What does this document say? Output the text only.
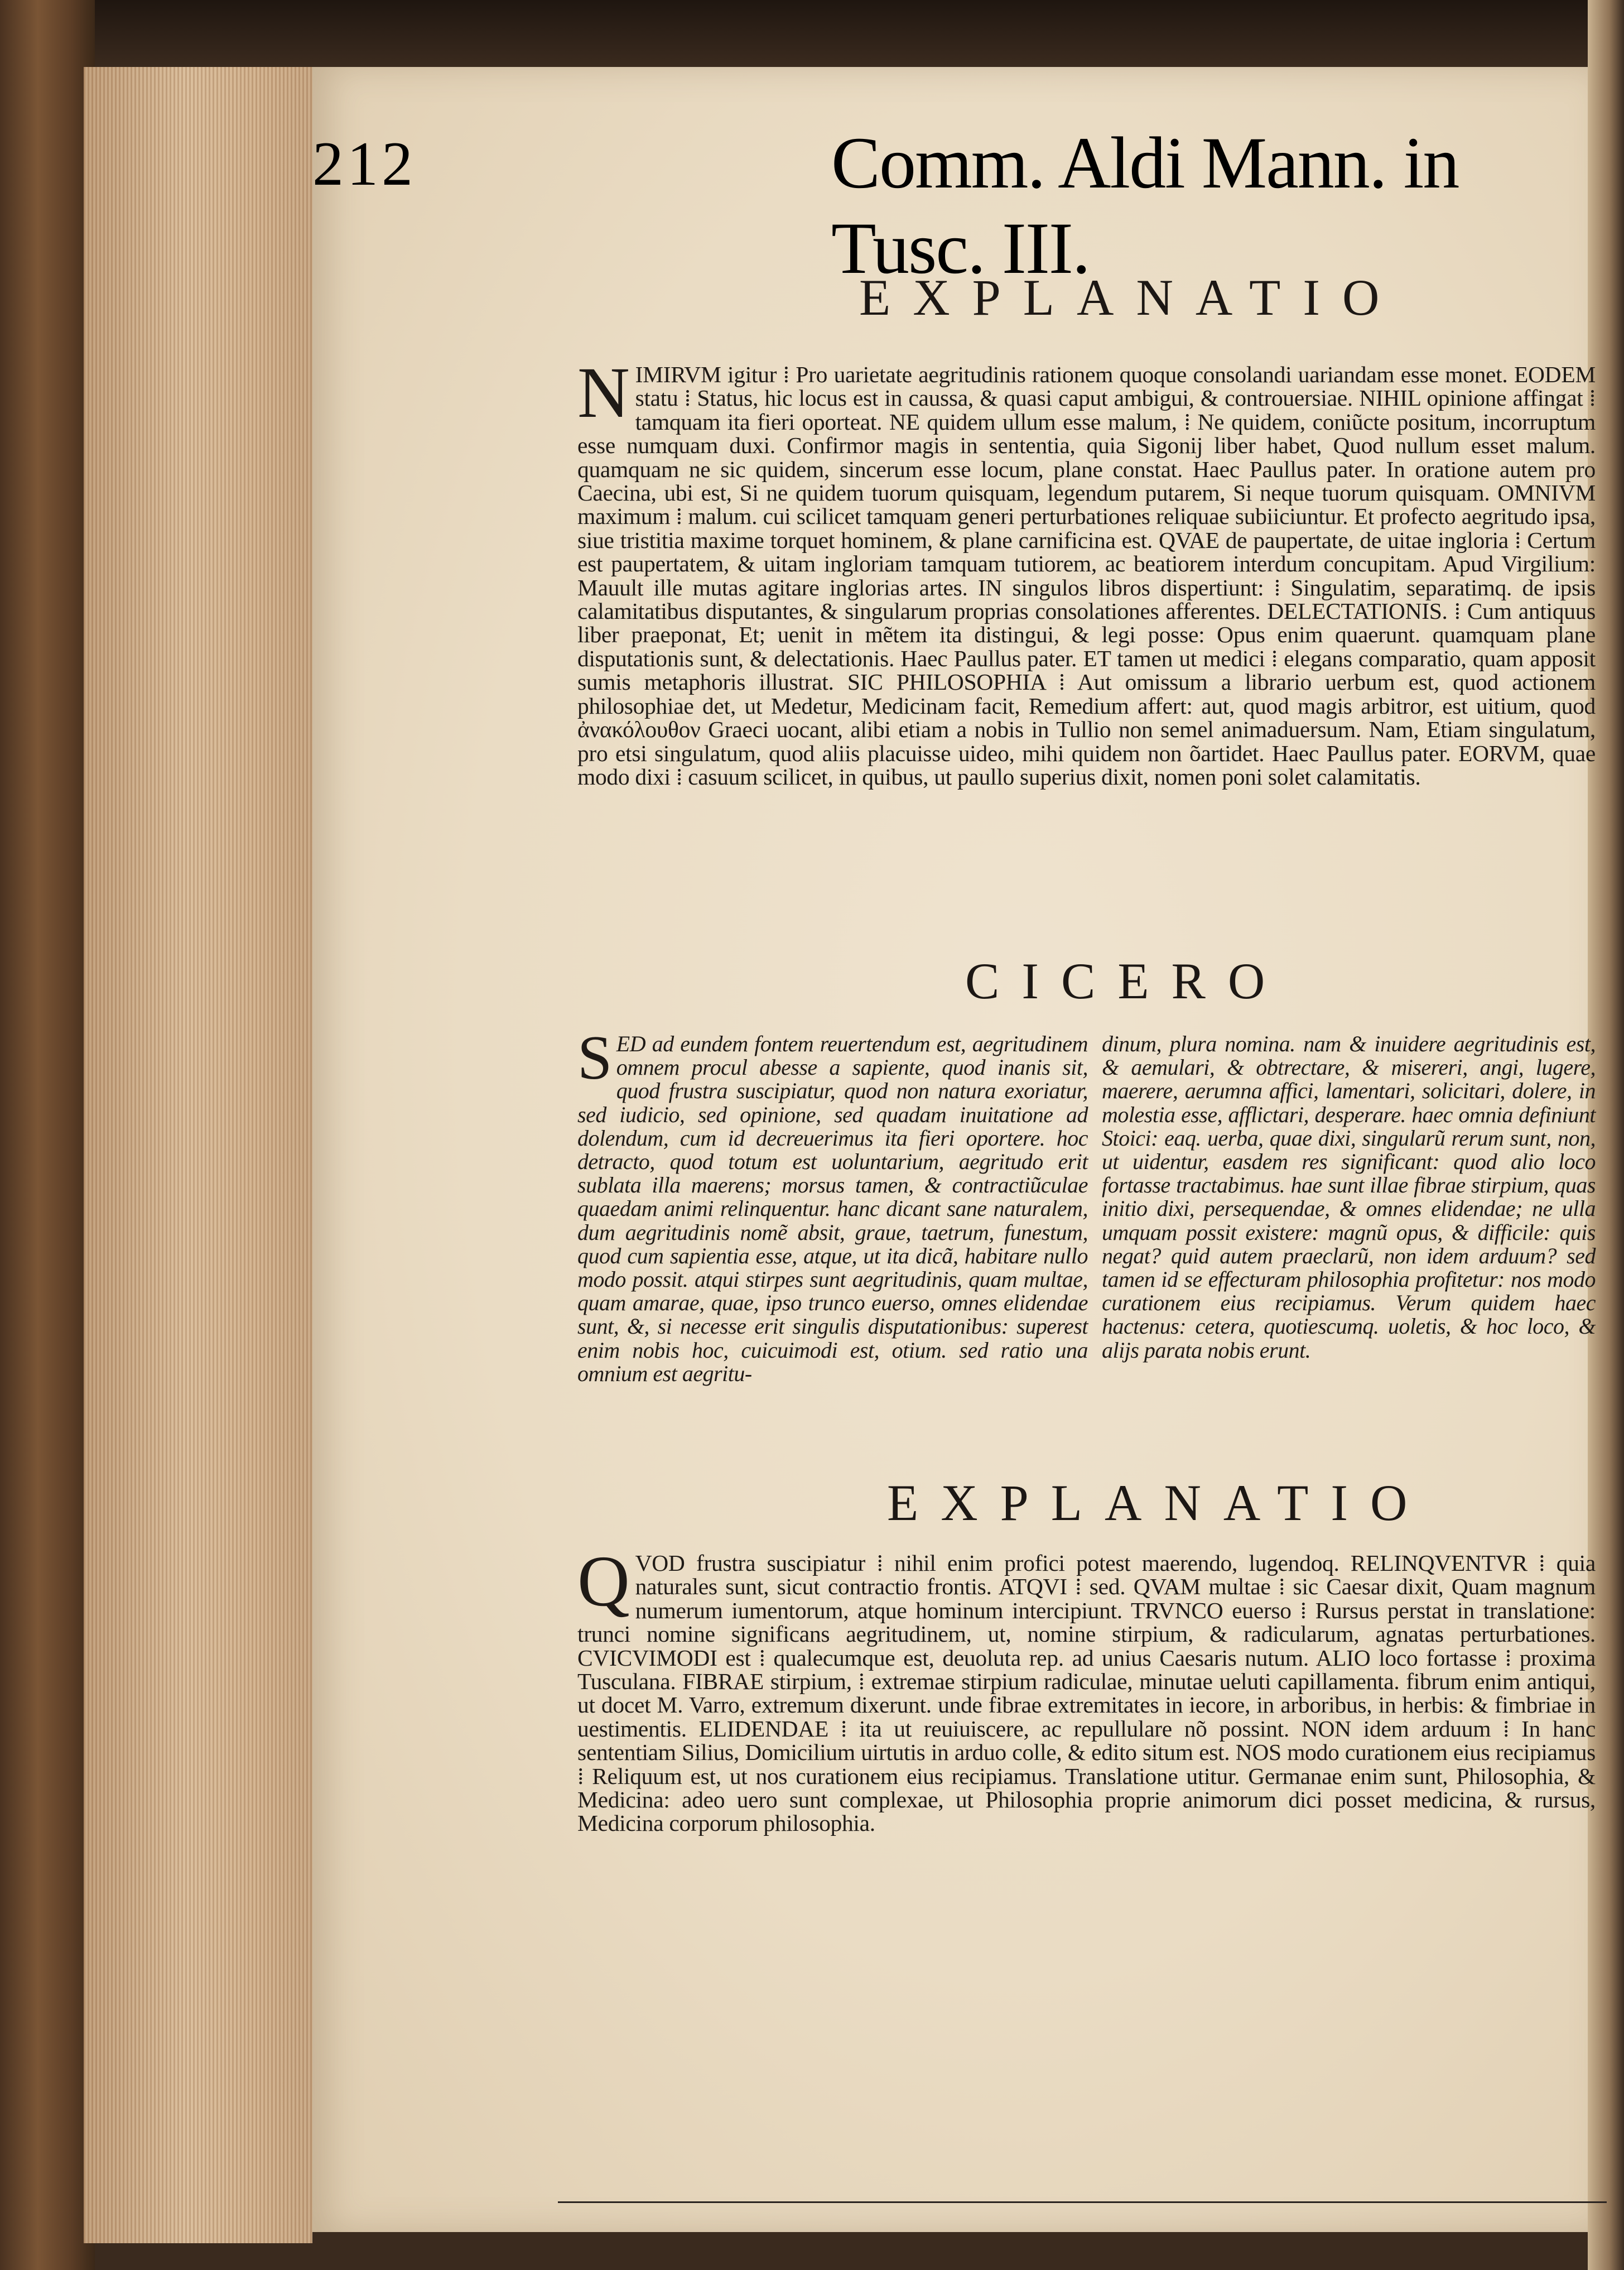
212	Comm. Aldi Mann. in Tusc. III.
EXPLANATIO
NIMIRVM igitur ⁞ Pro uarietate aegritudinis rationem quoque consolandi uariandam esse monet. EODEM statu ⁞ Status, hic locus est in caussa, & quasi caput ambigui, & controuersiae. NIHIL opinione affingat ⁞ tamquam ita fieri oporteat. NE quidem ullum esse malum, ⁞ Ne quidem, coniũcte positum, incorruptum esse numquam duxi. Confirmor magis in sententia, quia Sigonij liber habet, Quod nullum esset malum. quamquam ne sic quidem, sincerum esse locum, plane constat. Haec Paullus pater. In oratione autem pro Caecina, ubi est, Si ne quidem tuorum quisquam, legendum putarem, Si neque tuorum quisquam. OMNIVM maximum ⁞ malum. cui scilicet tamquam generi perturbationes reliquae subiiciuntur. Et profecto aegritudo ipsa, siue tristitia maxime torquet hominem, & plane carnificina est. QVAE de paupertate, de uitae ingloria ⁞ Certum est paupertatem, & uitam ingloriam tamquam tutiorem, ac beatiorem interdum concupitam. Apud Virgilium: Mauult ille mutas agitare inglorias artes. IN singulos libros dispertiunt: ⁞ Singulatim, separatimq. de ipsis calamitatibus disputantes, & singularum proprias consolationes afferentes. DELECTATIONIS. ⁞ Cum antiquus liber praeponat, Et; uenit in mẽtem ita distingui, & legi posse: Opus enim quaerunt. quamquam plane disputationis sunt, & delectationis. Haec Paullus pater. ET tamen ut medici ⁞ elegans comparatio, quam apposit sumis metaphoris illustrat. SIC PHILOSOPHIA ⁞ Aut omissum a librario uerbum est, quod actionem philosophiae det, ut Medetur, Medicinam facit, Remedium affert: aut, quod magis arbitror, est uitium, quod ἀνακόλουθον Graeci uocant, alibi etiam a nobis in Tullio non semel animaduersum. Nam, Etiam singulatum, pro etsi singulatum, quod aliis placuisse uideo, mihi quidem non õartidet. Haec Paullus pater. EORVM, quae modo dixi ⁞ casuum scilicet, in quibus, ut paullo superius dixit, nomen poni solet calamitatis.
CICERO
SED ad eundem fontem reuertendum est, aegritudinem omnem procul abesse a sapiente, quod inanis sit, quod frustra suscipiatur, quod non natura exoriatur, sed iudicio, sed opinione, sed quadam inuitatione ad dolendum, cum id decreuerimus ita fieri oportere. hoc detracto, quod totum est uoluntarium, aegritudo erit sublata illa maerens; morsus tamen, & contractiũculae quaedam animi relinquentur. hanc dicant sane naturalem, dum aegritudinis nomẽ absit, graue, taetrum, funestum, quod cum sapientia esse, atque, ut ita dicã, habitare nullo modo possit. atqui stirpes sunt aegritudinis, quam multae, quam amarae, quae, ipso trunco euerso, omnes elidendae sunt, &, si necesse erit singulis disputationibus: superest enim nobis hoc, cuicuimodi est, otium. sed ratio una omnium est aegritu-
dinum, plura nomina. nam & inuidere aegritudinis est, & aemulari, & obtrectare, & misereri, angi, lugere, maerere, aerumna affici, lamentari, solicitari, dolere, in molestia esse, afflictari, desperare. haec omnia definiunt Stoici: eaq. uerba, quae dixi, singularũ rerum sunt, non, ut uidentur, easdem res significant: quod alio loco fortasse tractabimus. hae sunt illae fibrae stirpium, quas initio dixi, persequendae, & omnes elidendae; ne ulla umquam possit existere: magnũ opus, & difficile: quis negat? quid autem praeclarũ, non idem arduum? sed tamen id se effecturam philosophia profitetur: nos modo curationem eius recipiamus. Verum quidem haec hactenus: cetera, quotiescumq. uoletis, & hoc loco, & alijs parata nobis erunt.
EXPLANATIO
QVOD frustra suscipiatur ⁞ nihil enim profici potest maerendo, lugendoq. RELINQVENTVR ⁞ quia naturales sunt, sicut contractio frontis. ATQVI ⁞ sed. QVAM multae ⁞ sic Caesar dixit, Quam magnum numerum iumentorum, atque hominum intercipiunt. TRVNCO euerso ⁞ Rursus perstat in translatione: trunci nomine significans aegritudinem, ut, nomine stirpium, & radicularum, agnatas perturbationes. CVICVIMODI est ⁞ qualecumque est, deuoluta rep. ad unius Caesaris nutum. ALIO loco fortasse ⁞ proxima Tusculana. FIBRAE stirpium, ⁞ extremae stirpium radiculae, minutae ueluti capillamenta. fibrum enim antiqui, ut docet M. Varro, extremum dixerunt. unde fibrae extremitates in iecore, in arboribus, in herbis: & fimbriae in uestimentis. ELIDENDAE ⁞ ita ut reuiuiscere, ac repullulare nõ possint. NON idem arduum ⁞ In hanc sententiam Silius, Domicilium uirtutis in arduo colle, & edito situm est. NOS modo curationem eius recipiamus ⁞ Reliquum est, ut nos curationem eius recipiamus. Translatione utitur. Germanae enim sunt, Philosophia, & Medicina: adeo uero sunt complexae, ut Philosophia proprie animorum dici posset medicina, & rursus, Medicina corporum philosophia.
